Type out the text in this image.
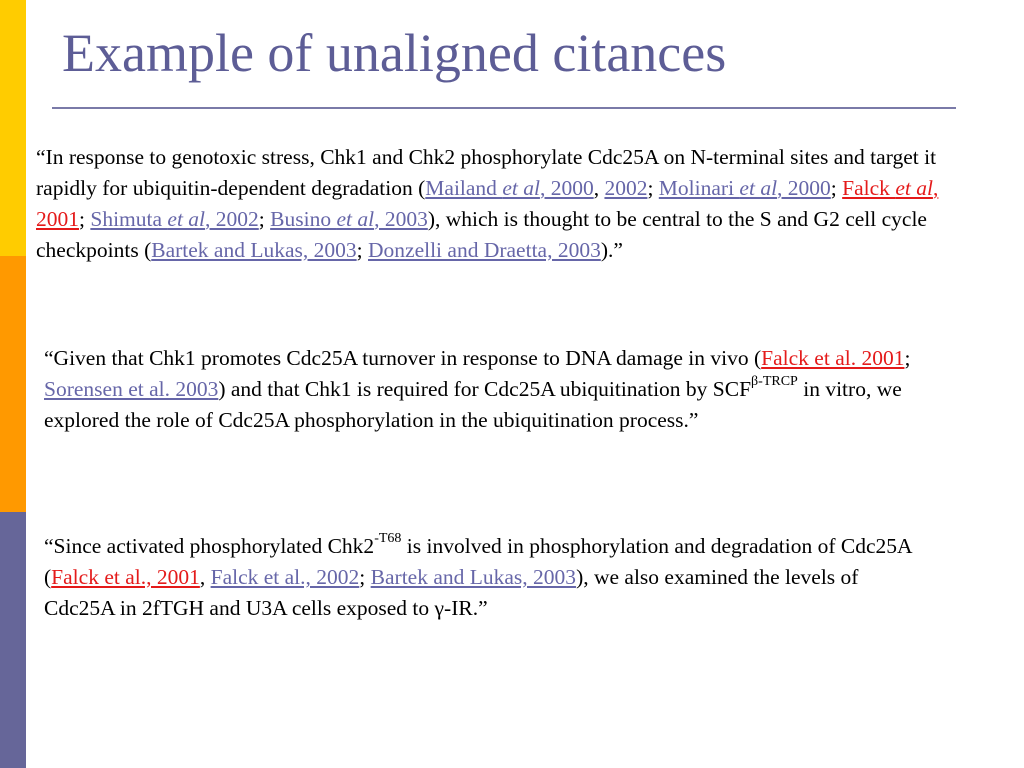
Example of unaligned citances

“In response to genotoxic stress, Chk1 and Chk2 phosphorylate Cdc25A on N-terminal sites and target it rapidly for ubiquitin-dependent degradation (Mailand et al, 2000, 2002; Molinari et al, 2000; Falck et al, 2001; Shimuta et al, 2002; Busino et al, 2003), which is thought to be central to the S and G2 cell cycle checkpoints (Bartek and Lukas, 2003; Donzelli and Draetta, 2003).”

“Given that Chk1 promotes Cdc25A turnover in response to DNA damage in vivo (Falck et al. 2001; Sorensen et al. 2003) and that Chk1 is required for Cdc25A ubiquitination by $SCF^{\beta-TRCP}$ in vitro, we explored the role of Cdc25A phosphorylation in the ubiquitination process.”

“Since activated phosphorylated $Chk2^{-T68}$ is involved in phosphorylation and degradation of Cdc25A (Falck et al., 2001, Falck et al., 2002; Bartek and Lukas, 2003), we also examined the levels of Cdc25A in 2fTGH and U3A cells exposed to γ-IR.”
